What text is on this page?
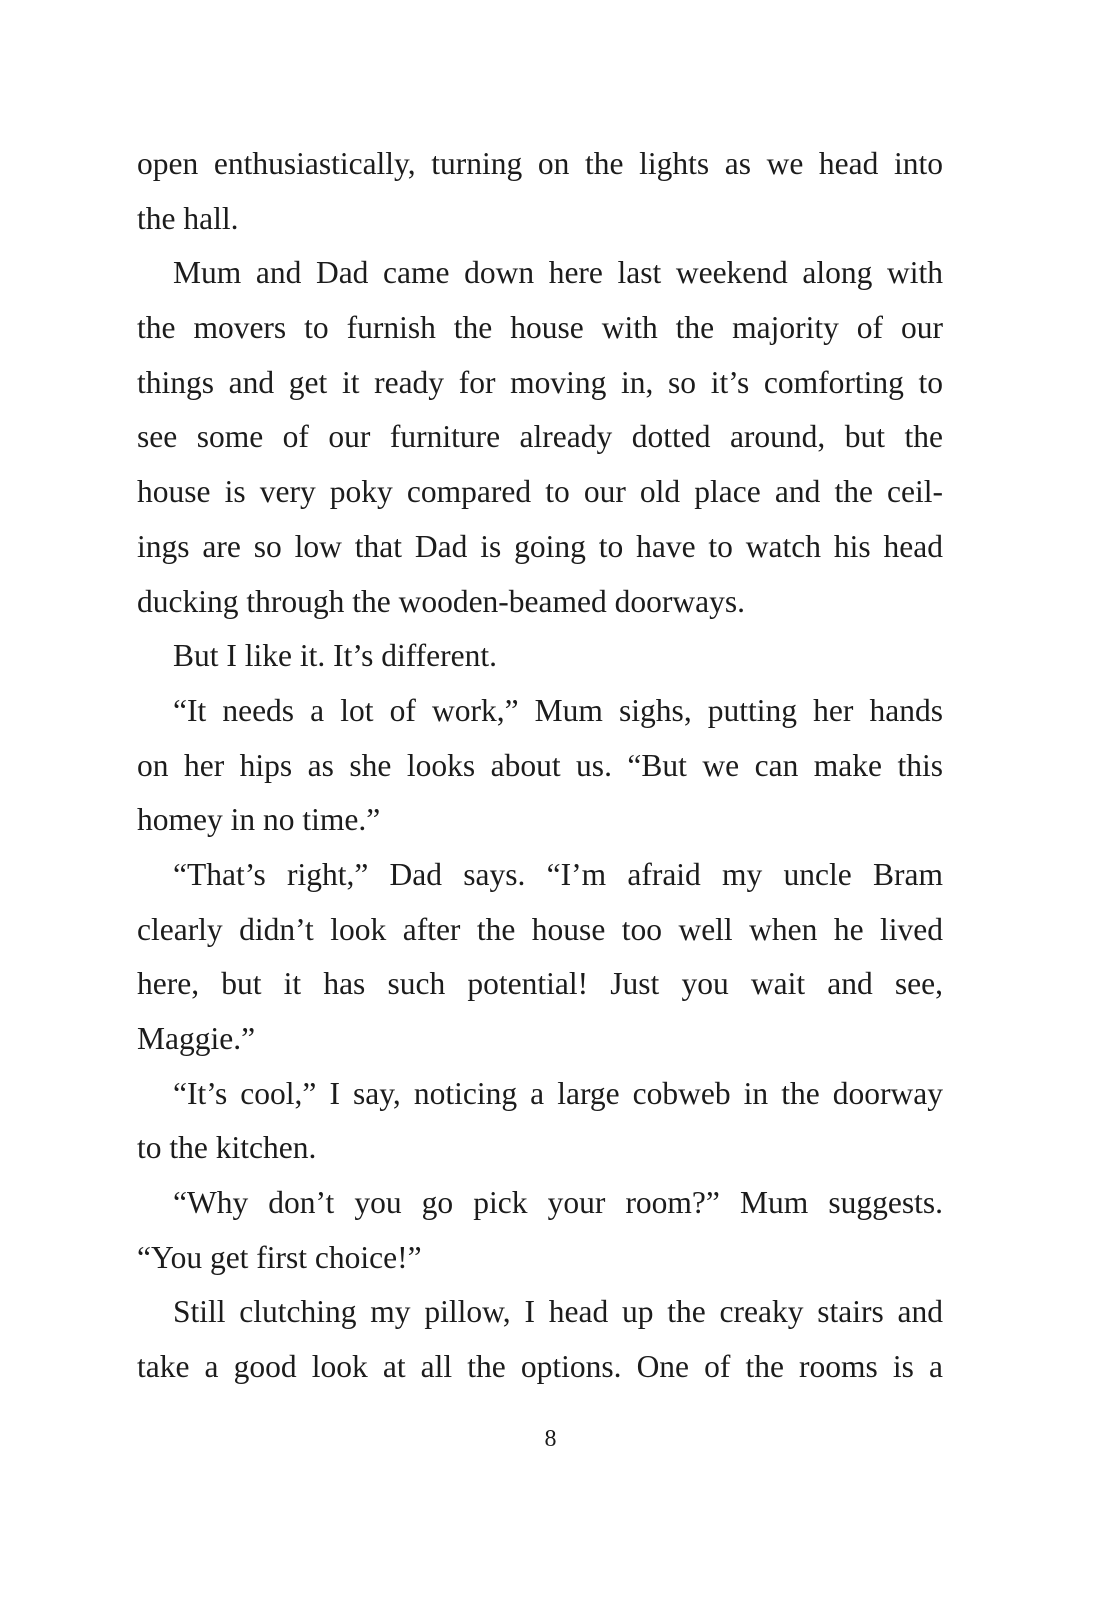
open enthusiastically, turning on the lights as we head into
the hall.
Mum and Dad came down here last weekend along with
the movers to furnish the house with the majority of our
things and get it ready for moving in, so it’s comforting to
see some of our furniture already dotted around, but the
house is very poky compared to our old place and the ceil-
ings are so low that Dad is going to have to watch his head
ducking through the wooden-beamed doorways.
But I like it. It’s different.
“It needs a lot of work,” Mum sighs, putting her hands
on her hips as she looks about us. “But we can make this
homey in no time.”
“That’s right,” Dad says. “I’m afraid my uncle Bram
clearly didn’t look after the house too well when he lived
here, but it has such potential! Just you wait and see,
Maggie.”
“It’s cool,” I say, noticing a large cobweb in the doorway
to the kitchen.
“Why don’t you go pick your room?” Mum suggests.
“You get first choice!”
Still clutching my pillow, I head up the creaky stairs and
take a good look at all the options. One of the rooms is a
8
